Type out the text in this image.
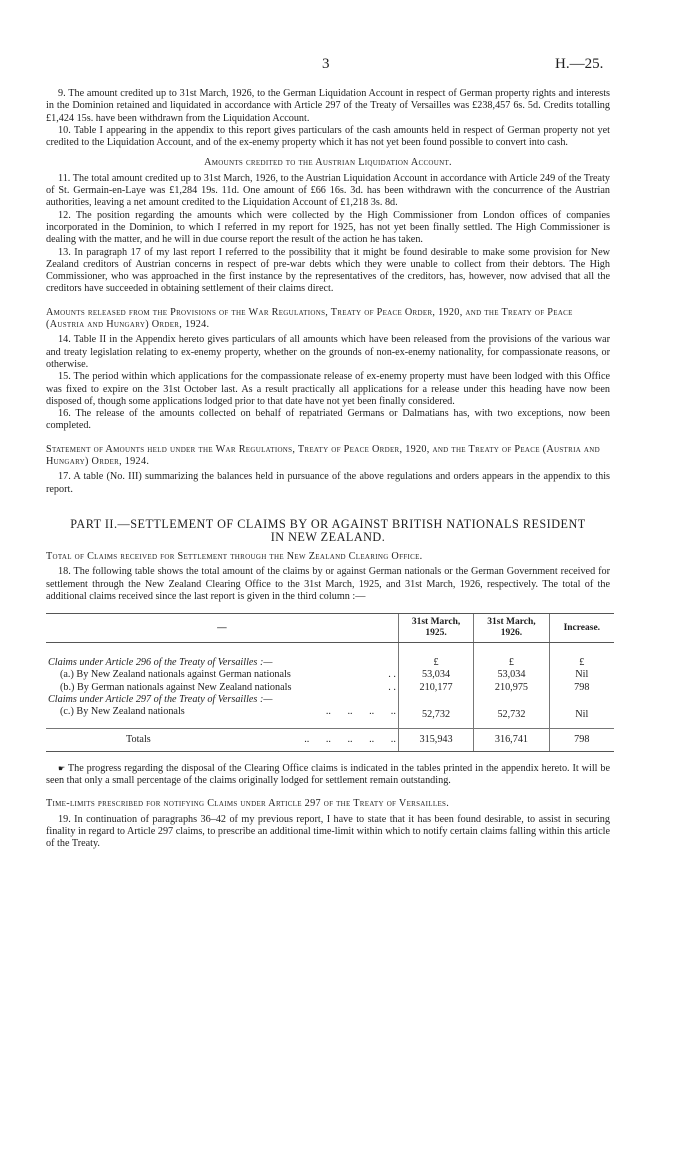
3	H.—25.

9. The amount credited up to 31st March, 1926, to the German Liquidation Account in respect of German property rights and interests in the Dominion retained and liquidated in accordance with Article 297 of the Treaty of Versailles was £238,457 6s. 5d. Credits totalling £1,424 15s. have been withdrawn from the Liquidation Account.

10. Table I appearing in the appendix to this report gives particulars of the cash amounts held in respect of German property not yet credited to the Liquidation Account, and of the ex-enemy property which it has not yet been found possible to convert into cash.

Amounts credited to the Austrian Liquidation Account.

11. The total amount credited up to 31st March, 1926, to the Austrian Liquidation Account in accordance with Article 249 of the Treaty of St. Germain-en-Laye was £1,284 19s. 11d. One amount of £66 16s. 3d. has been withdrawn with the concurrence of the Austrian authorities, leaving a net amount credited to the Liquidation Account of £1,218 3s. 8d.

12. The position regarding the amounts which were collected by the High Commissioner from London offices of companies incorporated in the Dominion, to which I referred in my report for 1925, has not yet been finally settled. The High Commissioner is dealing with the matter, and he will in due course report the result of the action he has taken.

13. In paragraph 17 of my last report I referred to the possibility that it might be found desirable to make some provision for New Zealand creditors of Austrian concerns in respect of pre-war debts which they were unable to collect from their debtors. The High Commissioner, who was approached in the first instance by the representatives of the creditors, has, however, now advised that all the creditors have succeeded in obtaining settlement of their claims direct.

Amounts released from the Provisions of the War Regulations, Treaty of Peace Order, 1920, and the Treaty of Peace (Austria and Hungary) Order, 1924.

14. Table II in the Appendix hereto gives particulars of all amounts which have been released from the provisions of the various war and treaty legislation relating to ex-enemy property, whether on the grounds of non-ex-enemy nationality, for compassionate reasons, or otherwise.

15. The period within which applications for the compassionate release of ex-enemy property must have been lodged with this Office was fixed to expire on the 31st October last. As a result practically all applications for a release under this heading have now been disposed of, though some applications lodged prior to that date have not yet been finally considered.

16. The release of the amounts collected on behalf of repatriated Germans or Dalmatians has, with two exceptions, now been completed.

Statement of Amounts held under the War Regulations, Treaty of Peace Order, 1920, and the Treaty of Peace (Austria and Hungary) Order, 1924.

17. A table (No. III) summarizing the balances held in pursuance of the above regulations and orders appears in the appendix to this report.

PART II.—SETTLEMENT OF CLAIMS BY OR AGAINST BRITISH NATIONALS RESIDENT
IN NEW ZEALAND.
Total of Claims received for Settlement through the New Zealand Clearing Office.

18. The following table shows the total amount of the claims by or against German nationals or the German Government received for settlement through the New Zealand Clearing Office to the 31st March, 1925, and 31st March, 1926, respectively. The total of the additional claims received since the last report is given in the third column :—

—	31st March, 1925.	31st March, 1926.	Increase.

Claims under Article 296 of the Treaty of Versailles :—	£	£	£
(a.) By New Zealand nationals against German nationals . .	53,034	53,034	Nil
(b.) By German nationals against New Zealand nationals . .	210,177	210,975	798
Claims under Article 297 of the Treaty of Versailles :—			
(c.) By New Zealand nationals .. .. .. ..	52,732	52,732	Nil

Totals .. .. .. .. ..	315,943	316,741	798

☛ The progress regarding the disposal of the Clearing Office claims is indicated in the tables printed in the appendix hereto. It will be seen that only a small percentage of the claims originally lodged for settlement remain outstanding.

Time-limits prescribed for notifying Claims under Article 297 of the Treaty of Versailles.

19. In continuation of paragraphs 36–42 of my previous report, I have to state that it has been found desirable, to assist in securing finality in regard to Article 297 claims, to prescribe an additional time-limit within which to notify certain claims falling within this article of the Treaty.
